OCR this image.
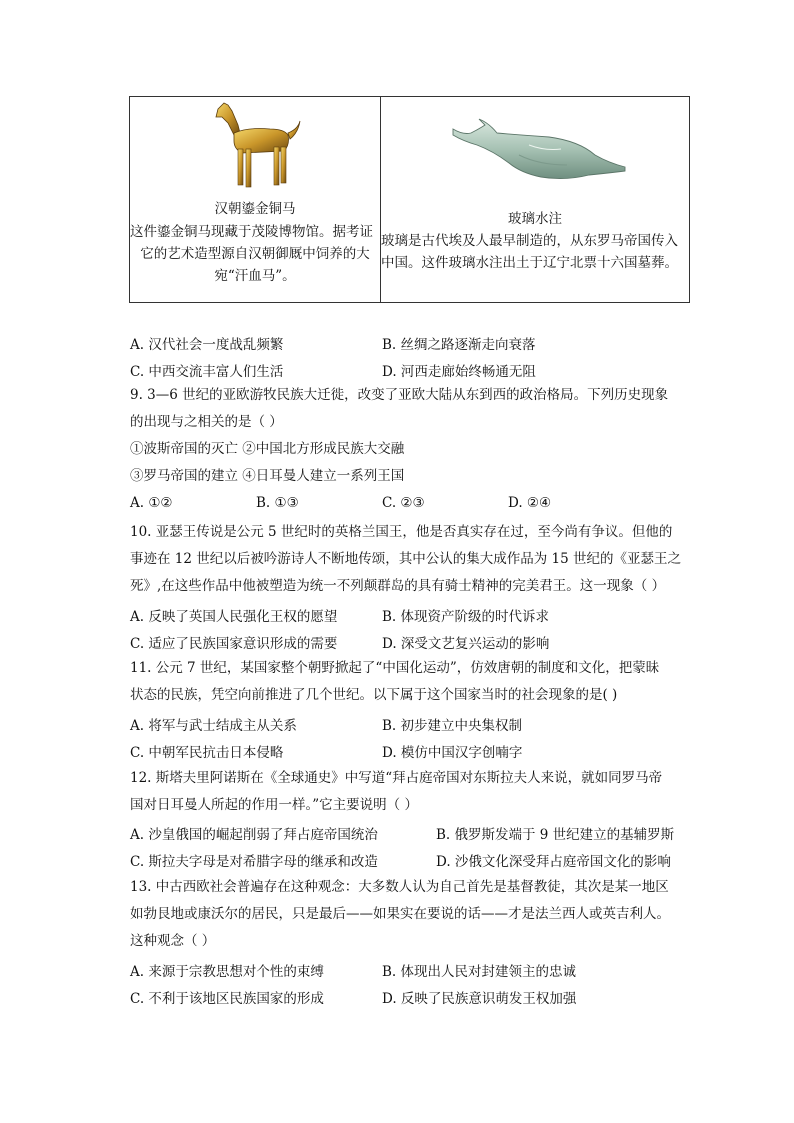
汉朝鎏金铜马
这件鎏金铜马现藏于茂陵博物馆。据考证
它的艺术造型源自汉朝御厩中饲养的大
宛“汗血马”。
玻璃水注
玻璃是古代埃及人最早制造的，从东罗马帝国传入
中国。这件玻璃水注出土于辽宁北票十六国墓葬。
A. 汉代社会一度战乱频繁	B. 丝绸之路逐渐走向衰落
C. 中西交流丰富人们生活	D. 河西走廊始终畅通无阻
9. 3—6 世纪的亚欧游牧民族大迁徙，改变了亚欧大陆从东到西的政治格局。下列历史现象
的出现与之相关的是（ ）
①波斯帝国的灭亡 ②中国北方形成民族大交融
③罗马帝国的建立 ④日耳曼人建立一系列王国
A. ①②	B. ①③	C. ②③	D. ②④
10. 亚瑟王传说是公元 5 世纪时的英格兰国王，他是否真实存在过，至今尚有争议。但他的
事迹在 12 世纪以后被吟游诗人不断地传颂，其中公认的集大成作品为 15 世纪的《亚瑟王之
死》,在这些作品中他被塑造为统一不列颠群岛的具有骑士精神的完美君王。这一现象（ ）
A. 反映了英国人民强化王权的愿望	B. 体现资产阶级的时代诉求
C. 适应了民族国家意识形成的需要	D. 深受文艺复兴运动的影响
11. 公元 7 世纪，某国家整个朝野掀起了“中国化运动”，仿效唐朝的制度和文化，把蒙昧
状态的民族，凭空向前推进了几个世纪。以下属于这个国家当时的社会现象的是( )
A. 将军与武士结成主从关系	B. 初步建立中央集权制
C. 中朝军民抗击日本侵略	D. 模仿中国汉字创喃字
12. 斯塔夫里阿诺斯在《全球通史》中写道“拜占庭帝国对东斯拉夫人来说，就如同罗马帝
国对日耳曼人所起的作用一样。”它主要说明（ ）
A. 沙皇俄国的崛起削弱了拜占庭帝国统治	B. 俄罗斯发端于 9 世纪建立的基辅罗斯
C. 斯拉夫字母是对希腊字母的继承和改造	D. 沙俄文化深受拜占庭帝国文化的影响
13. 中古西欧社会普遍存在这种观念：大多数人认为自己首先是基督教徒，其次是某一地区
如勃艮地或康沃尔的居民，只是最后——如果实在要说的话——才是法兰西人或英吉利人。
这种观念（ ）
A. 来源于宗教思想对个性的束缚	B. 体现出人民对封建领主的忠诚
C. 不利于该地区民族国家的形成	D. 反映了民族意识萌发王权加强
